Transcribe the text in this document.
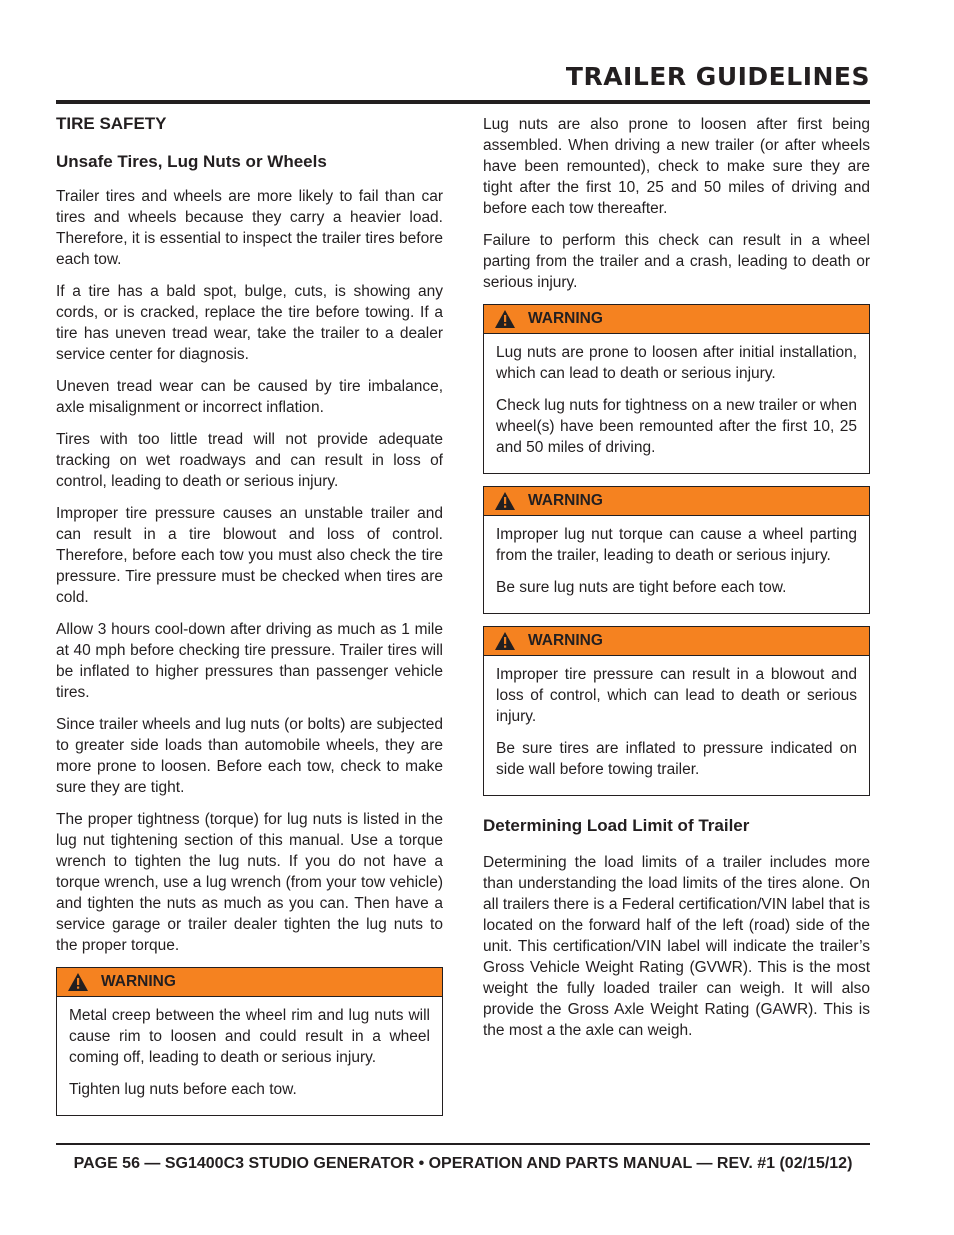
TRAILER GUIDELINES
TIRE SAFETY
Unsafe Tires, Lug Nuts or Wheels

Trailer tires and wheels are more likely to fail than car tires and wheels because they carry a heavier load. Therefore, it is essential to inspect the trailer tires before each tow.

If a tire has a bald spot, bulge, cuts, is showing any cords, or is cracked, replace the tire before towing. If a tire has uneven tread wear, take the trailer to a dealer service center for diagnosis.

Uneven tread wear can be caused by tire imbalance, axle misalignment or incorrect inflation.

Tires with too little tread will not provide adequate tracking on wet roadways and can result in loss of control, leading to death or serious injury.

Improper tire pressure causes an unstable trailer and can result in a tire blowout and loss of control. Therefore, before each tow you must also check the tire pressure. Tire pressure must be checked when tires are cold.

Allow 3 hours cool-down after driving as much as 1 mile at 40 mph before checking tire pressure. Trailer tires will be inflated to higher pressures than passenger vehicle tires.

Since trailer wheels and lug nuts (or bolts) are subjected to greater side loads than automobile wheels, they are more prone to loosen. Before each tow, check to make sure they are tight.

The proper tightness (torque) for lug nuts is listed in the lug nut tightening section of this manual. Use a torque wrench to tighten the lug nuts. If you do not have a torque wrench, use a lug wrench (from your tow vehicle) and tighten the nuts as much as you can. Then have a service garage or trailer dealer tighten the lug nuts to the proper torque.

WARNING

Metal creep between the wheel rim and lug nuts will cause rim to loosen and could result in a wheel coming off, leading to death or serious injury.

Tighten lug nuts before each tow.

Lug nuts are also prone to loosen after first being assembled. When driving a new trailer (or after wheels have been remounted), check to make sure they are tight after the first 10, 25 and 50 miles of driving and before each tow thereafter.

Failure to perform this check can result in a wheel parting from the trailer and a crash, leading to death or serious injury.

WARNING

Lug nuts are prone to loosen after initial installation, which can lead to death or serious injury.

Check lug nuts for tightness on a new trailer or when wheel(s) have been remounted after the first 10, 25 and 50 miles of driving.

WARNING

Improper lug nut torque can cause a wheel parting from the trailer, leading to death or serious injury.

Be sure lug nuts are tight before each tow.

WARNING

Improper tire pressure can result in a blowout and loss of control, which can lead to death or serious injury.

Be sure tires are inflated to pressure indicated on side wall before towing trailer.

Determining Load Limit of Trailer

Determining the load limits of a trailer includes more than understanding the load limits of the tires alone. On all trailers there is a Federal certification/VIN label that is located on the forward half of the left (road) side of the unit. This certification/VIN label will indicate the trailer’s Gross Vehicle Weight Rating (GVWR). This is the most weight the fully loaded trailer can weigh. It will also provide the Gross Axle Weight Rating (GAWR). This is the most a the axle can weigh.

PAGE 56 — SG1400C3 STUDIO GENERATOR • OPERATION AND PARTS MANUAL — REV. #1 (02/15/12)
